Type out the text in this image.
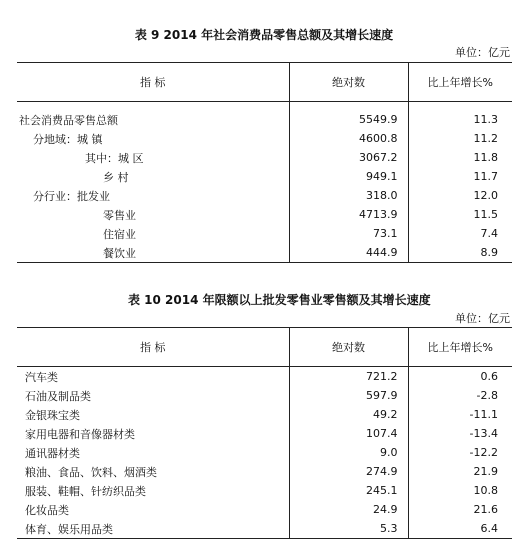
表 9 2014 年社会消费品零售总额及其增长速度
单位：亿元
指 标	绝对数	比上年增长%

社会消费品零售总额	5549.9	11.3
分地域：城 镇	4600.8	11.2
其中：城 区	3067.2	11.8
乡 村	949.1	11.7
分行业：批发业	318.0	12.0
零售业	4713.9	11.5
住宿业	73.1	7.4
餐饮业	444.9	8.9
表 10 2014 年限额以上批发零售业零售额及其增长速度
单位：亿元
指 标	绝对数	比上年增长%
汽车类	721.2	0.6
石油及制品类	597.9	-2.8
金银珠宝类	49.2	-11.1
家用电器和音像器材类	107.4	-13.4
通讯器材类	9.0	-12.2
粮油、食品、饮料、烟酒类	274.9	21.9
服装、鞋帽、针纺织品类	245.1	10.8
化妆品类	24.9	21.6
体育、娱乐用品类	5.3	6.4
